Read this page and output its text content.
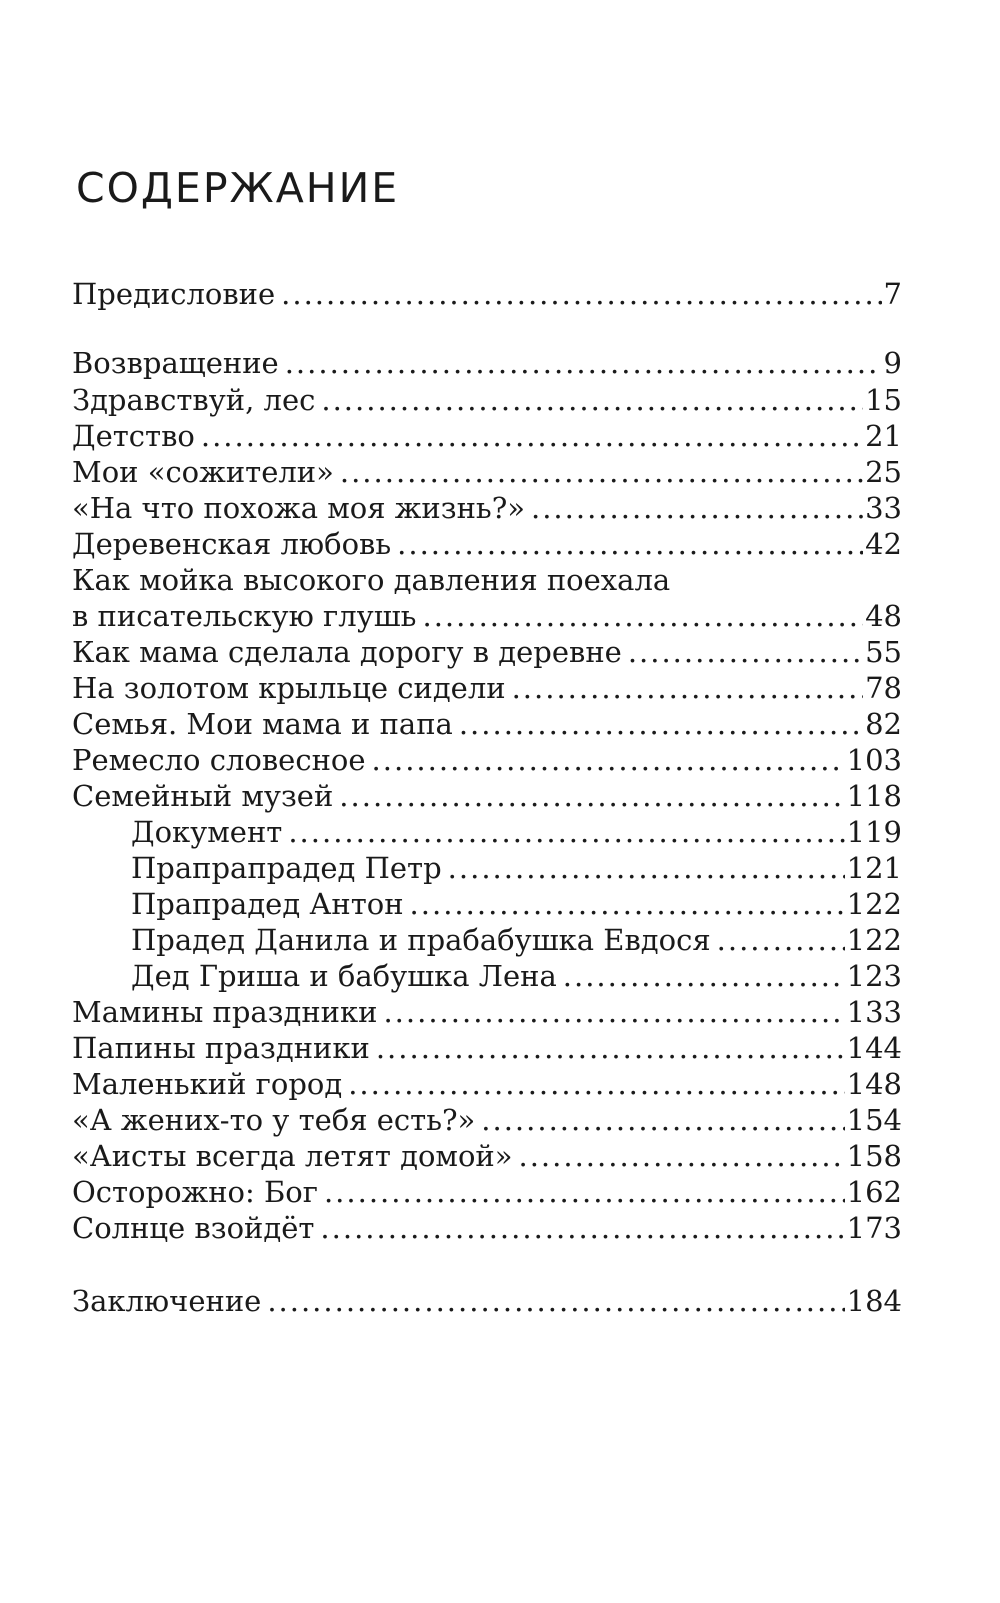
СОДЕРЖАНИЕ
Предисловие .....	7
Возвращение .....	9
Здравствуй, лес .....	15
Детство .....	21
Мои «сожители» .....	25
«На что похожа моя жизнь?» .....	33
Деревенская любовь .....	42
Как мойка высокого давления поехала
в писательскую глушь .....	48
Как мама сделала дорогу в деревне .....	55
На золотом крыльце сидели .....	78
Семья. Мои мама и папа .....	82
Ремесло словесное .....	103
Семейный музей .....	118
Документ .....	119
Прапрапрадед Петр .....	121
Прапрадед Антон .....	122
Прадед Данила и прабабушка Евдося .....	122
Дед Гриша и бабушка Лена .....	123
Мамины праздники .....	133
Папины праздники .....	144
Маленький город .....	148
«А жених-то у тебя есть?» .....	154
«Аисты всегда летят домой» .....	158
Осторожно: Бог .....	162
Солнце взойдёт .....	173
Заключение .....	184
